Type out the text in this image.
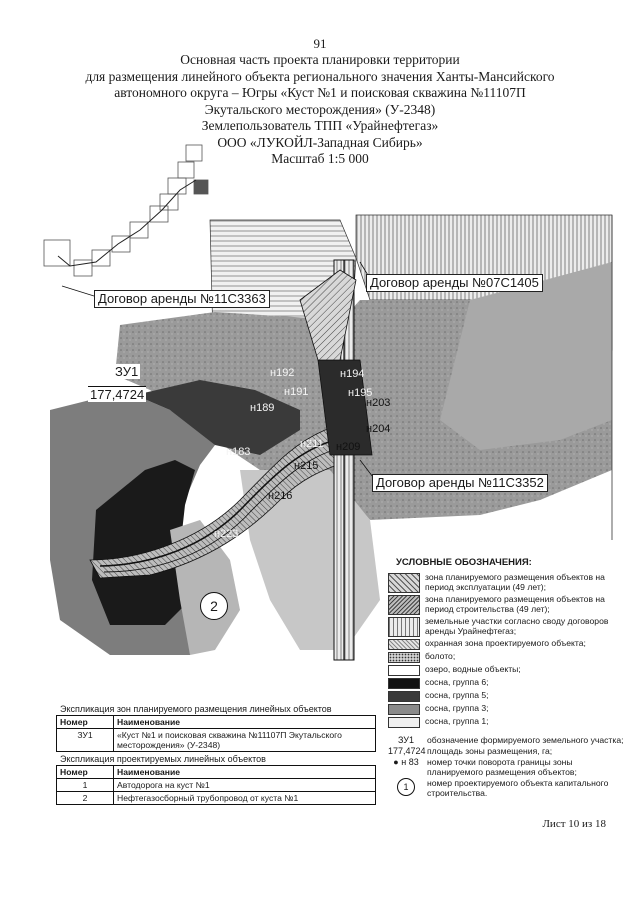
91
Основная часть проекта планировки территории
для размещения линейного объекта регионального значения Ханты-Мансийского
автономного округа – Югры «Куст №1 и поисковая скважина №11107П
Экутальского месторождения» (У-2348)
Землепользователь ТПП «Урайнефтегаз»
ООО «ЛУКОЙЛ-Западная Сибирь»
Масштаб 1:5 000
Договор аренды №11С3363
Договор аренды №07С1405
Договор аренды №11С3352
ЗУ1
177,4724
н192	н194
н191	н195
н189	н203
н204
н211 н209
н183
н215
н216
н223
2
УСЛОВНЫЕ ОБОЗНАЧЕНИЯ:
зона планируемого размещения объектов на период эксплуатации (49 лет);
зона планируемого размещения объектов на период строительства (49 лет);
земельные участки согласно своду договоров аренды Урайнефтегаз;
охранная зона проектируемого объекта;
болото;
озеро, водные объекты;
сосна, группа 6;
сосна, группа 5;
сосна, группа 3;
сосна, группа 1;
ЗУ1	обозначение формируемого земельного участка;
177,4724 площадь зоны размещения, га;
● н 83 номер точки поворота границы зоны планируемого размещения объектов;
1	номер проектируемого объекта капитального строительства.
Экспликация зон планируемого размещения линейных объектов
Номер	Наименование
ЗУ1	«Куст №1 и поисковая скважина №11107П Экутальского месторождения» (У-2348)
Экспликация проектируемых линейных объектов
Номер	Наименование
1	Автодорога на куст №1
2	Нефтегазосборный трубопровод от куста №1
Лист 10 из 18
